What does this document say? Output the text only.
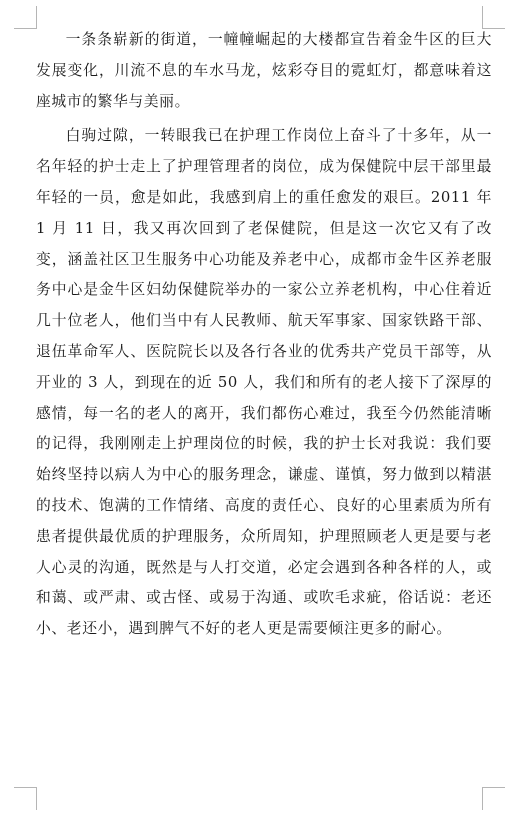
一条条崭新的街道，一幢幢崛起的大楼都宣告着金牛区的巨大发展变化，川流不息的车水马龙，炫彩夺目的霓虹灯，都意味着这座城市的繁华与美丽。

白驹过隙，一转眼我已在护理工作岗位上奋斗了十多年，从一名年轻的护士走上了护理管理者的岗位，成为保健院中层干部里最年轻的一员，愈是如此，我感到肩上的重任愈发的艰巨。2011 年 1 月 11 日，我又再次回到了老保健院，但是这一次它又有了改变，涵盖社区卫生服务中心功能及养老中心，成都市金牛区养老服务中心是金牛区妇幼保健院举办的一家公立养老机构，中心住着近几十位老人，他们当中有人民教师、航天军事家、国家铁路干部、退伍革命军人、医院院长以及各行各业的优秀共产党员干部等，从开业的 3 人，到现在的近 50 人，我们和所有的老人接下了深厚的感情，每一名的老人的离开，我们都伤心难过，我至今仍然能清晰的记得，我刚刚走上护理岗位的时候，我的护士长对我说：我们要始终坚持以病人为中心的服务理念，谦虚、谨慎，努力做到以精湛的技术、饱满的工作情绪、高度的责任心、良好的心里素质为所有患者提供最优质的护理服务，众所周知，护理照顾老人更是要与老人心灵的沟通，既然是与人打交道，必定会遇到各种各样的人，或和蔼、或严肃、或古怪、或易于沟通、或吹毛求疵，俗话说：老还小、老还小，遇到脾气不好的老人更是需要倾注更多的耐心。
